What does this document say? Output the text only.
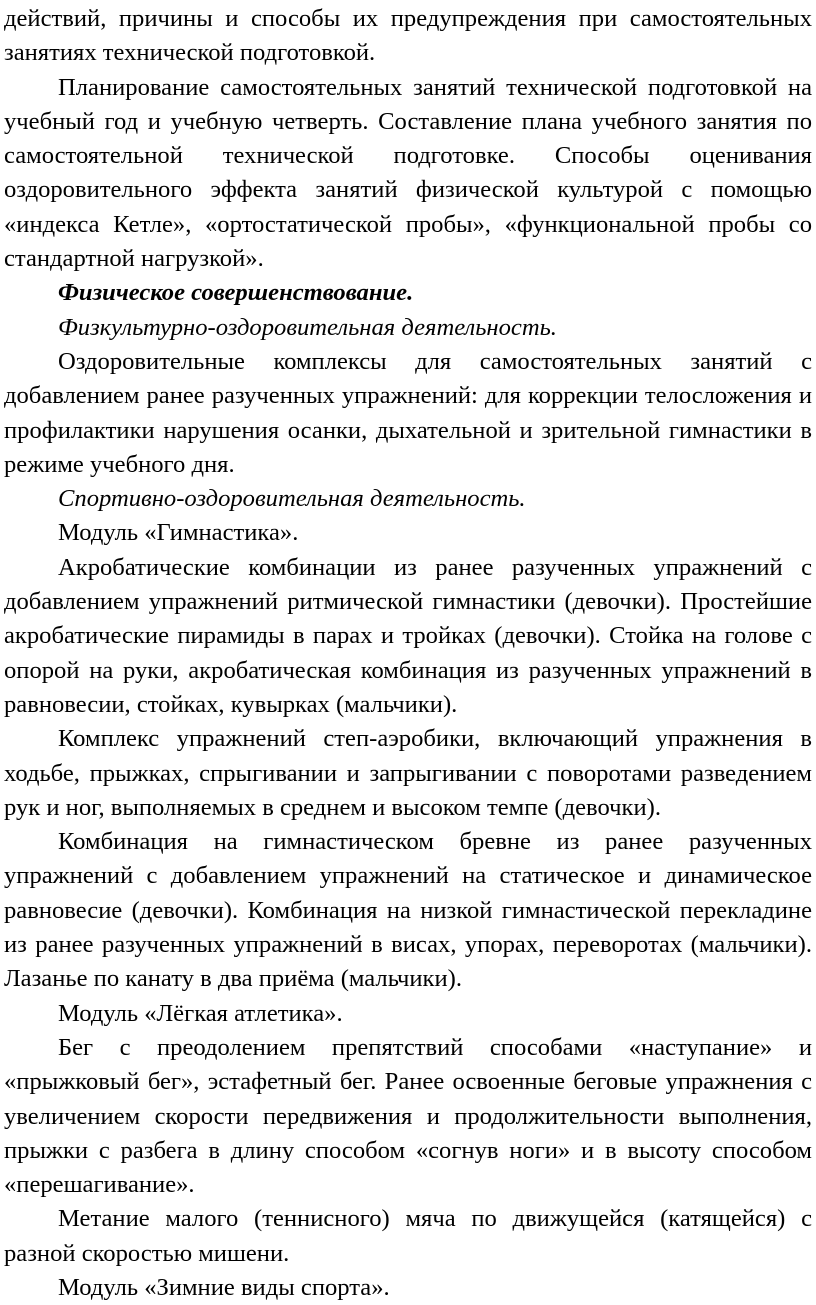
действий, причины и способы их предупреждения при самостоятельных занятиях технической подготовкой.

Планирование самостоятельных занятий технической подготовкой на учебный год и учебную четверть. Составление плана учебного занятия по самостоятельной технической подготовке. Способы оценивания оздоровительного эффекта занятий физической культурой с помощью «индекса Кетле», «ортостатической пробы», «функциональной пробы со стандартной нагрузкой».

Физическое совершенствование.

Физкультурно-оздоровительная деятельность.

Оздоровительные комплексы для самостоятельных занятий с добавлением ранее разученных упражнений: для коррекции телосложения и профилактики нарушения осанки, дыхательной и зрительной гимнастики в режиме учебного дня.

Спортивно-оздоровительная деятельность.

Модуль «Гимнастика».

Акробатические комбинации из ранее разученных упражнений с добавлением упражнений ритмической гимнастики (девочки). Простейшие акробатические пирамиды в парах и тройках (девочки). Стойка на голове с опорой на руки, акробатическая комбинация из разученных упражнений в равновесии, стойках, кувырках (мальчики).

Комплекс упражнений степ-аэробики, включающий упражнения в ходьбе, прыжках, спрыгивании и запрыгивании с поворотами разведением рук и ног, выполняемых в среднем и высоком темпе (девочки).

Комбинация на гимнастическом бревне из ранее разученных упражнений с добавлением упражнений на статическое и динамическое равновесие (девочки). Комбинация на низкой гимнастической перекладине из ранее разученных упражнений в висах, упорах, переворотах (мальчики). Лазанье по канату в два приёма (мальчики).

Модуль «Лёгкая атлетика».

Бег с преодолением препятствий способами «наступание» и «прыжковый бег», эстафетный бег. Ранее освоенные беговые упражнения с увеличением скорости передвижения и продолжительности выполнения, прыжки с разбега в длину способом «согнув ноги» и в высоту способом «перешагивание».

Метание малого (теннисного) мяча по движущейся (катящейся) с разной скоростью мишени.

Модуль «Зимние виды спорта».
